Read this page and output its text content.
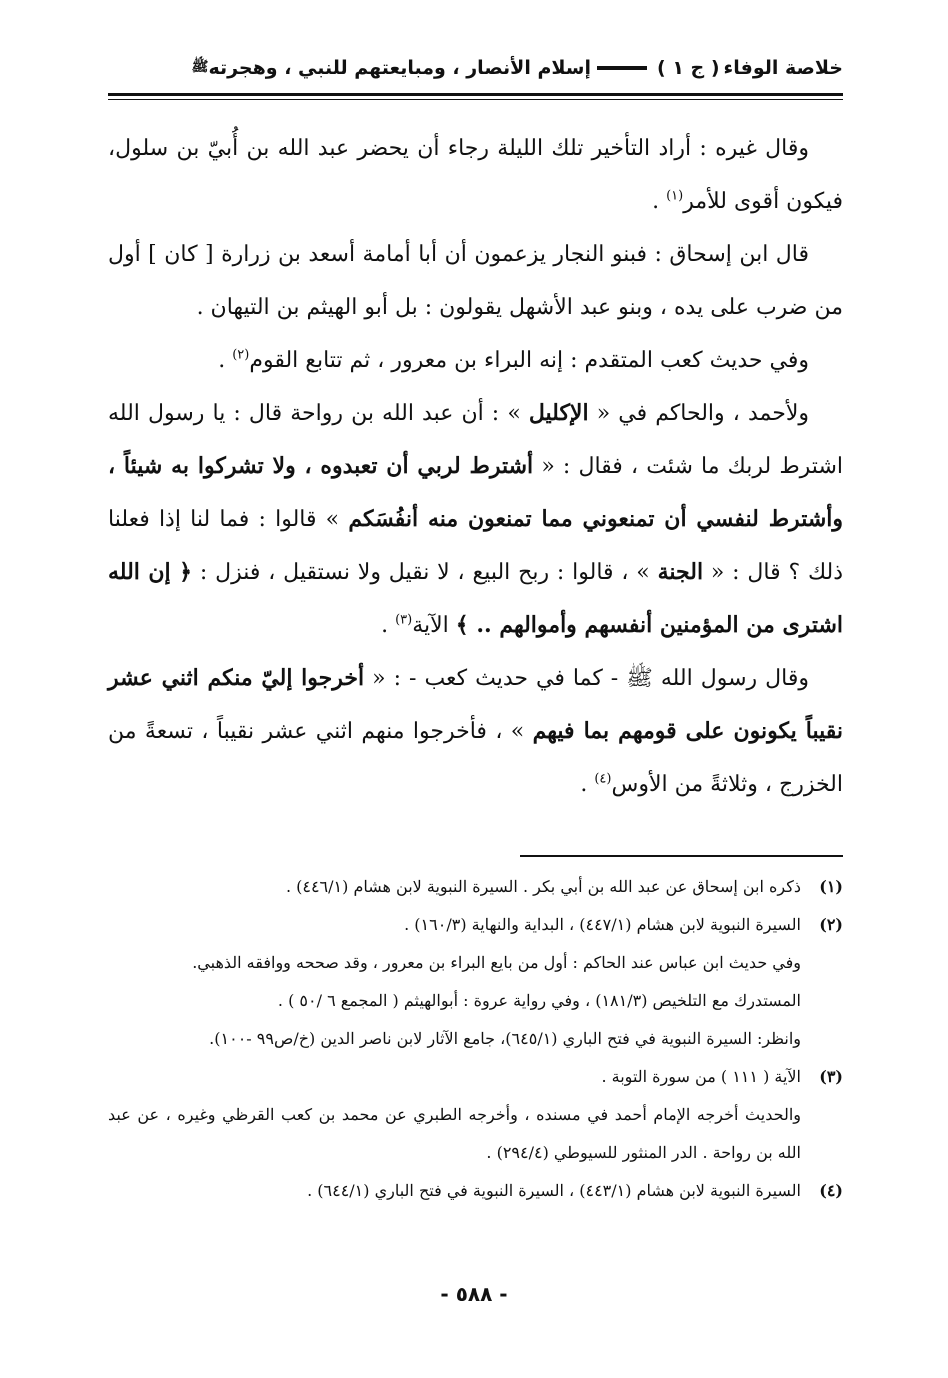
خلاصة الوفاء
( ج ١ )
إسلام الأنصار ، ومبايعتهم للنبي ، وهجرته
ﷺ

وقال غيره : أراد التأخير تلك الليلة رجاء أن يحضر عبد الله بن أُبيّ بن سلول، فيكون أقوى للأمر$^{(١)}$ .

قال ابن إسحاق : فبنو النجار يزعمون أن أبا أمامة أسعد بن زرارة [ كان ] أول من ضرب على يده ، وبنو عبد الأشهل يقولون : بل أبو الهيثم بن التيهان .

وفي حديث كعب المتقدم : إنه البراء بن معرور ، ثم تتابع القوم$^{(٢)}$ .

ولأحمد ، والحاكم في « الإكليل » : أن عبد الله بن رواحة قال : يا رسول الله اشترط لربك ما شئت ، فقال : « أشترط لربي أن تعبدوه ، ولا تشركوا به شيئاً ، وأشترط لنفسي أن تمنعوني مما تمنعون منه أنفُسَكم » قالوا : فما لنا إذا فعلنا ذلك ؟ قال : « الجنة » ، قالوا : ربح البيع ، لا نقيل ولا نستقيل ، فنزل : ﴿ إن الله اشترى من المؤمنين أنفسهم وأموالهم .. ﴾ الآية$^{(٣)}$ .

وقال رسول الله ﷺ - كما في حديث كعب - : « أخرجوا إليّ منكم اثني عشر نقيباً يكونون على قومهم بما فيهم » ، فأخرجوا منهم اثني عشر نقيباً ، تسعةً من الخزرج ، وثلاثةً من الأوس$^{(٤)}$ .

(١)ذكره ابن إسحاق عن عبد الله بن أبي بكر . السيرة النبوية لابن هشام (٤٤٦/١) .

(٢)السيرة النبوية لابن هشام (٤٤٧/١) ، البداية والنهاية (١٦٠/٣) .

وفي حديث ابن عباس عند الحاكم : أول من بايع البراء بن معرور ، وقد صححه ووافقه الذهبي.

المستدرك مع التلخيص (١٨١/٣) ، وفي رواية عروة : أبوالهيثم ( المجمع ٦ /٥٠ ) .

وانظر: السيرة النبوية في فتح الباري (٦٤٥/١)، جامع الآثار لابن ناصر الدين (خ/ص٩٩ -١٠٠).

(٣)الآية ( ١١١ ) من سورة التوبة .

والحديث أخرجه الإمام أحمد في مسنده ، وأخرجه الطبري عن محمد بن كعب القرظي وغيره ، عن عبد الله بن رواحة . الدر المنثور للسيوطي (٢٩٤/٤) .

(٤)السيرة النبوية لابن هشام (٤٤٣/١) ، السيرة النبوية في فتح الباري (٦٤٤/١) .

- ٥٨٨ -
